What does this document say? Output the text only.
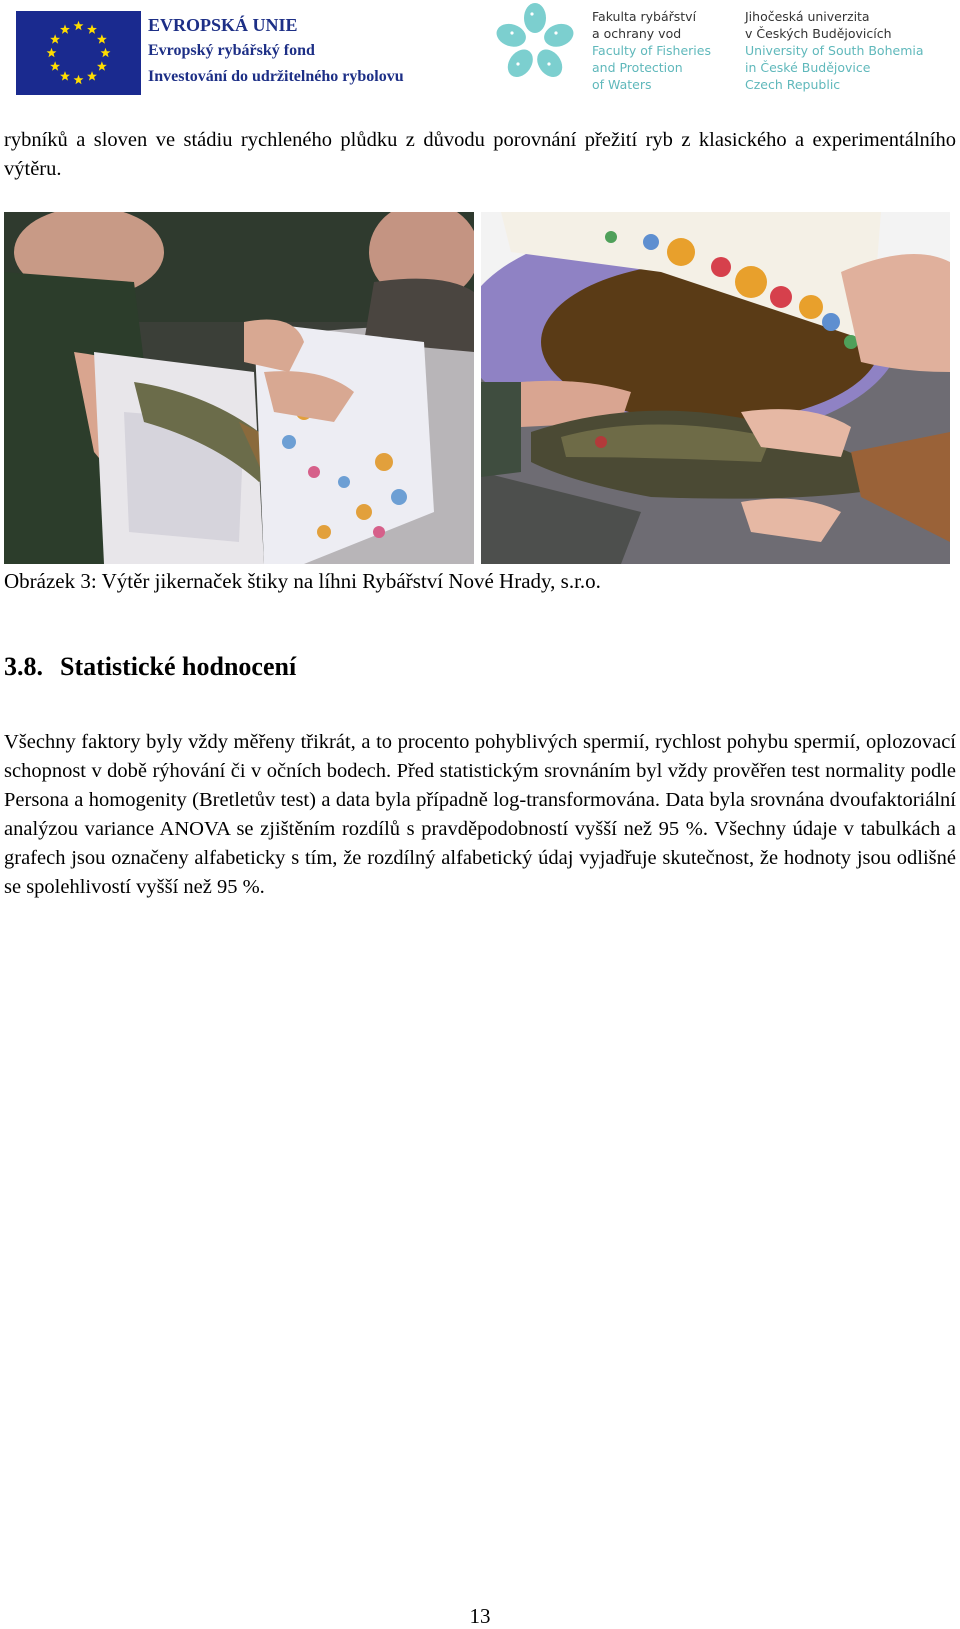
EVROPSKÁ UNIE
Evropský rybářský fond
Investování do udržitelného rybolovu
Fakulta rybářství
a ochrany vod
Faculty of Fisheries
and Protection
of Waters
Jihočeská univerzita
v Českých Budějovicích
University of South Bohemia
in České Budějovice
Czech Republic

rybníků a sloven ve stádiu rychleného plůdku z důvodu porovnání přežití ryb z klasického a experimentálního výtěru.

Obrázek 3: Výtěr jikernaček štiky na líhni Rybářství Nové Hrady, s.r.o.

3.8. Statistické hodnocení

Všechny faktory byly vždy měřeny třikrát, a to procento pohyblivých spermií, rychlost pohybu spermií, oplozovací schopnost v době rýhování či v očních bodech. Před statistickým srovnáním byl vždy prověřen test normality podle Persona a homogenity (Bretletův test) a data byla případně log-transformována. Data byla srovnána dvoufaktoriální analýzou variance ANOVA se zjištěním rozdílů s pravděpodobností vyšší než 95 %. Všechny údaje v tabulkách a grafech jsou označeny alfabeticky s tím, že rozdílný alfabetický údaj vyjadřuje skutečnost, že hodnoty jsou odlišné se spolehlivostí vyšší než 95 %.

13
